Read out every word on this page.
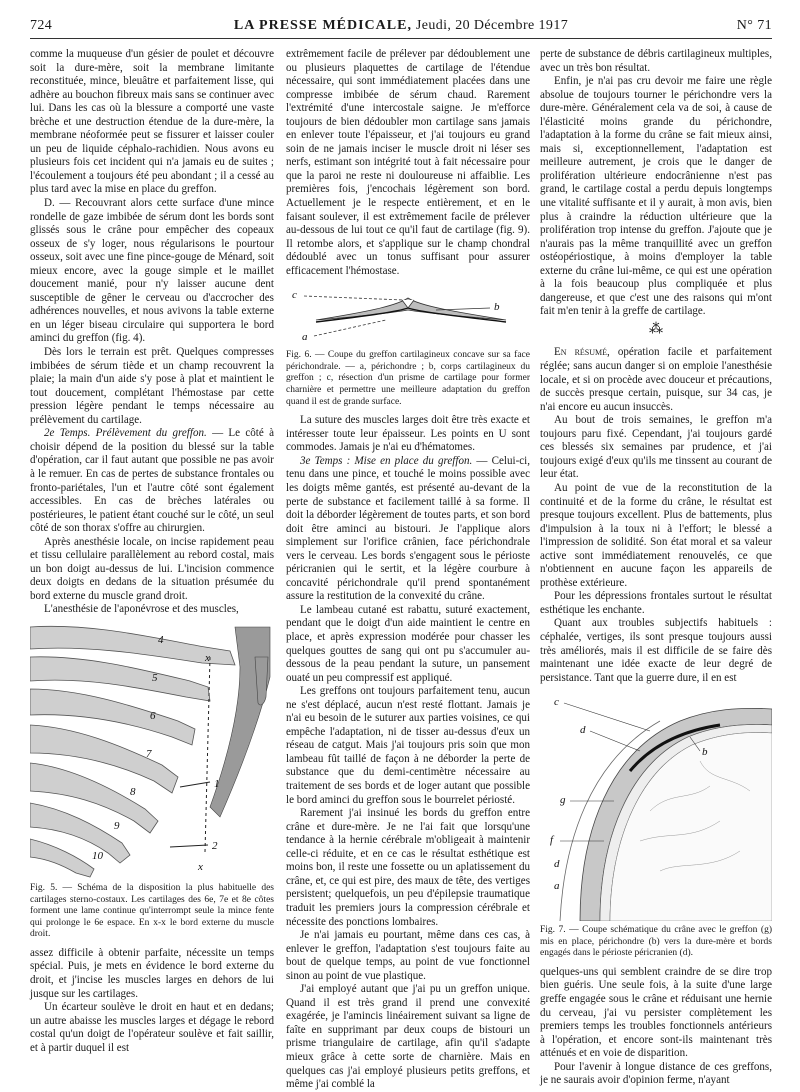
724	LA PRESSE MÉDICALE, Jeudi, 20 Décembre 1917	N° 71

comme la muqueuse d'un gésier de poulet et découvre soit la dure-mère, soit la membrane limitante reconstituée, mince, bleuâtre et parfaitement lisse, qui adhère au bouchon fibreux mais sans se continuer avec lui. Dans les cas où la blessure a comporté une vaste brèche et une destruction étendue de la dure-mère, la membrane néoformée peut se fissurer et laisser couler un peu de liquide céphalo-rachidien. Nous avons eu plusieurs fois cet incident qui n'a jamais eu de suites ; l'écoulement a toujours été peu abondant ; il a cessé au plus tard avec la mise en place du greffon.

D. — Recouvrant alors cette surface d'une mince rondelle de gaze imbibée de sérum dont les bords sont glissés sous le crâne pour empêcher des copeaux osseux de s'y loger, nous régularisons le pourtour osseux, soit avec une fine pince-gouge de Ménard, soit mieux encore, avec la gouge simple et le maillet doucement manié, pour n'y laisser aucune dent susceptible de gêner le cerveau ou d'accrocher des adhérences nouvelles, et nous avivons la table externe en un léger biseau circulaire qui supportera le bord aminci du greffon (fig. 4).

Dès lors le terrain est prêt. Quelques compresses imbibées de sérum tiède et un champ recouvrent la plaie; la main d'un aide s'y pose à plat et maintient le tout doucement, complétant l'hémostase par cette pression légère pendant le temps nécessaire au prélèvement du cartilage.

2e Temps. Prélèvement du greffon. — Le côté à choisir dépend de la position du blessé sur la table d'opération, car il faut autant que possible ne pas avoir à le remuer. En cas de pertes de substance frontales ou fronto-pariétales, l'un et l'autre côté sont également accessibles. En cas de brèches latérales ou postérieures, le patient étant couché sur le côté, un seul côté de son thorax s'offre au chirurgien.

Après anesthésie locale, on incise rapidement peau et tissu cellulaire parallèlement au rebord costal, mais un bon doigt au-dessus de lui. L'incision commence deux doigts en dedans de la situation présumée du bord externe du muscle grand droit.

L'anesthésie de l'aponévrose et des muscles,

4
5
6
7
8
9
10
1
2
x
x
Fig. 5. — Schéma de la disposition la plus habituelle des cartilages sterno-costaux. Les cartilages des 6e, 7e et 8e côtes forment une lame continue qu'interrompt seule la mince fente qui prolonge le 6e espace. En x-x le bord externe du muscle droit.

assez difficile à obtenir parfaite, nécessite un temps spécial. Puis, je mets en évidence le bord externe du droit, et j'incise les muscles larges en dehors de lui jusque sur les cartilages.

Un écarteur soulève le droit en haut et en dedans; un autre abaisse les muscles larges et dégage le rebord costal qu'un doigt de l'opérateur soulève et fait saillir, et à partir duquel il est

extrêmement facile de prélever par dédoublement une ou plusieurs plaquettes de cartilage de l'étendue nécessaire, qui sont immédiatement placées dans une compresse imbibée de sérum chaud. Rarement l'extrémité d'une intercostale saigne. Je m'efforce toujours de bien dédoubler mon cartilage sans jamais en enlever toute l'épaisseur, et j'ai toujours eu grand soin de ne jamais inciser le muscle droit ni léser ses nerfs, estimant son intégrité tout à fait nécessaire pour que la paroi ne reste ni douloureuse ni affaiblie. Les premières fois, j'encochais légèrement son bord. Actuellement je le respecte entièrement, et en le faisant soulever, il est extrêmement facile de prélever au-dessous de lui tout ce qu'il faut de cartilage (fig. 9). Il retombe alors, et s'applique sur le champ chondral dédoublé avec un tonus suffisant pour assurer efficacement l'hémostase.

c
a
b
Fig. 6. — Coupe du greffon cartilagineux concave sur sa face périchondrale. — a, périchondre ; b, corps cartilagineux du greffon ; c, résection d'un prisme de cartilage pour former charnière et permettre une meilleure adaptation du greffon quand il est de grande surface.

La suture des muscles larges doit être très exacte et intéresser toute leur épaisseur. Les points en U sont commodes. Jamais je n'ai eu d'hématomes.

3e Temps : Mise en place du greffon. — Celui-ci, tenu dans une pince, et touché le moins possible avec les doigts même gantés, est présenté au-devant de la perte de substance et facilement taillé à sa forme. Il doit la déborder légèrement de toutes parts, et son bord doit être aminci au bistouri. Je l'applique alors simplement sur l'orifice crânien, face périchondrale vers le cerveau. Les bords s'engagent sous le périoste péricranien qui le sertit, et la légère courbure à concavité périchondrale qu'il prend spontanément assure la restitution de la convexité du crâne.

Le lambeau cutané est rabattu, suturé exactement, pendant que le doigt d'un aide maintient le centre en place, et après expression modérée pour chasser les quelques gouttes de sang qui ont pu s'accumuler au-dessous de la peau pendant la suture, un pansement ouaté un peu compressif est appliqué.

Les greffons ont toujours parfaitement tenu, aucun ne s'est déplacé, aucun n'est resté flottant. Jamais je n'ai eu besoin de le suturer aux parties voisines, ce qui empêche l'adaptation, ni de tisser au-dessus d'eux un réseau de catgut. Mais j'ai toujours pris soin que mon lambeau fût taillé de façon à ne déborder la perte de substance que du demi-centimètre nécessaire au traitement de ses bords et de loger autant que possible le bord aminci du greffon sous le bourrelet périosté.

Rarement j'ai insinué les bords du greffon entre crâne et dure-mère. Je ne l'ai fait que lorsqu'une tendance à la hernie cérébrale m'obligeait à maintenir celle-ci réduite, et en ce cas le résultat esthétique est moins bon, il reste une fossette ou un aplatissement du crâne, et, ce qui est pire, des maux de tête, des vertiges persistent; quelquefois, un peu d'épilepsie traumatique traduit les premiers jours la compression cérébrale et nécessite des ponctions lombaires.

Je n'ai jamais eu pourtant, même dans ces cas, à enlever le greffon, l'adaptation s'est toujours faite au bout de quelque temps, au point de vue fonctionnel sinon au point de vue plastique.

J'ai employé autant que j'ai pu un greffon unique. Quand il est très grand il prend une convexité exagérée, je l'amincis linéairement suivant sa ligne de faîte en supprimant par deux coups de bistouri un prisme triangulaire de cartilage, afin qu'il s'adapte mieux grâce à cette sorte de charnière. Mais en quelques cas j'ai employé plusieurs petits greffons, et même j'ai comblé la

perte de substance de débris cartilagineux multiples, avec un très bon résultat.

Enfin, je n'ai pas cru devoir me faire une règle absolue de toujours tourner le périchondre vers la dure-mère. Généralement cela va de soi, à cause de l'élasticité moins grande du périchondre, l'adaptation à la forme du crâne se fait mieux ainsi, mais si, exceptionnellement, l'adaptation est meilleure autrement, je crois que le danger de prolifération ultérieure endocrânienne n'est pas grand, le cartilage costal a perdu depuis longtemps une vitalité suffisante et il y aurait, à mon avis, bien plus à craindre la réduction ultérieure que la prolifération trop intense du greffon. J'ajoute que je n'aurais pas la même tranquillité avec un greffon ostéopériostique, à moins d'employer la table externe du crâne lui-même, ce qui est une opération à la fois beaucoup plus compliquée et plus dangereuse, et que c'est une des raisons qui m'ont fait m'en tenir à la greffe de cartilage.

⁂

En résumé, opération facile et parfaitement réglée; sans aucun danger si on emploie l'anesthésie locale, et si on procède avec douceur et précautions, de succès presque certain, puisque, sur 34 cas, je n'ai encore eu aucun insuccès.

Au bout de trois semaines, le greffon m'a toujours paru fixé. Cependant, j'ai toujours gardé ces blessés six semaines par prudence, et j'ai toujours exigé d'eux qu'ils me tinssent au courant de leur état.

Au point de vue de la reconstitution de la continuité et de la forme du crâne, le résultat est presque toujours excellent. Plus de battements, plus d'impulsion à la toux ni à l'effort; le blessé a l'impression de solidité. Son état moral et sa valeur active sont immédiatement renouvelés, ce que n'obtiennent en aucune façon les appareils de prothèse extérieure.

Pour les dépressions frontales surtout le résultat esthétique les enchante.

Quant aux troubles subjectifs habituels : céphalée, vertiges, ils sont presque toujours aussi très améliorés, mais il est difficile de se faire dès maintenant une idée exacte de leur degré de persistance. Tant que la guerre dure, il en est

c
d
b
g
f
d
a
Fig. 7. — Coupe schématique du crâne avec le greffon (g) mis en place, périchondre (b) vers la dure-mère et bords engagés dans le périoste péricranien (d).

quelques-uns qui semblent craindre de se dire trop bien guéris. Une seule fois, à la suite d'une large greffe engagée sous le crâne et réduisant une hernie du cerveau, j'ai vu persister complètement les premiers temps les troubles fonctionnels antérieurs à l'opération, et encore sont-ils maintenant très atténués et en voie de disparition.

Pour l'avenir à longue distance de ces greffons, je ne saurais avoir d'opinion ferme, n'ayant
